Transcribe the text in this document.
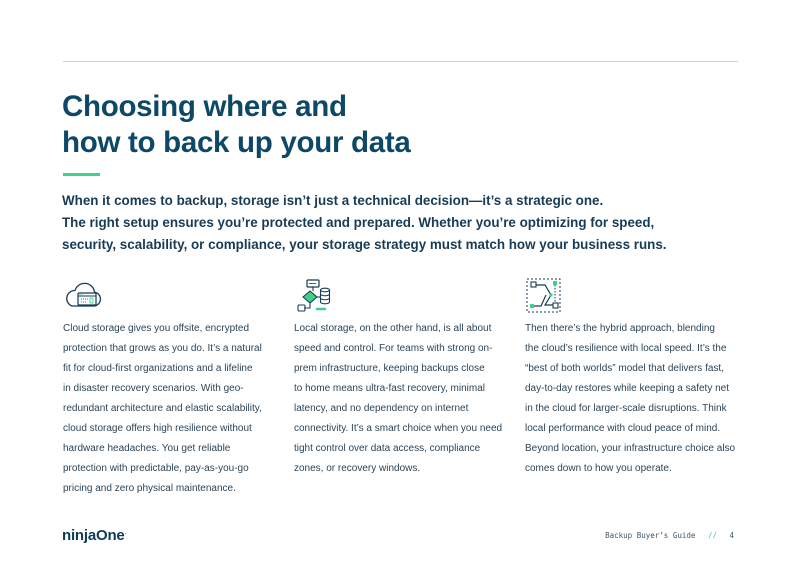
Choosing where and
how to back up your data

When it comes to backup, storage isn’t just a technical decision—it’s a strategic one.
The right setup ensures you’re protected and prepared. Whether you’re optimizing for speed,
security, scalability, or compliance, your storage strategy must match how your business runs.

Cloud storage gives you offsite, encrypted
protection that grows as you do. It’s a natural
fit for cloud-first organizations and a lifeline
in disaster recovery scenarios. With geo-
redundant architecture and elastic scalability,
cloud storage offers high resilience without
hardware headaches. You get reliable
protection with predictable, pay-as-you-go
pricing and zero physical maintenance.

Local storage, on the other hand, is all about
speed and control. For teams with strong on-
prem infrastructure, keeping backups close
to home means ultra-fast recovery, minimal
latency, and no dependency on internet
connectivity. It’s a smart choice when you need
tight control over data access, compliance
zones, or recovery windows.

Then there’s the hybrid approach, blending
the cloud’s resilience with local speed. It’s the
“best of both worlds” model that delivers fast,
day-to-day restores while keeping a safety net
in the cloud for larger-scale disruptions. Think
local performance with cloud peace of mind.
Beyond location, your infrastructure choice also
comes down to how you operate.

ninjaOne.	Backup Buyer’s Guide // 4
